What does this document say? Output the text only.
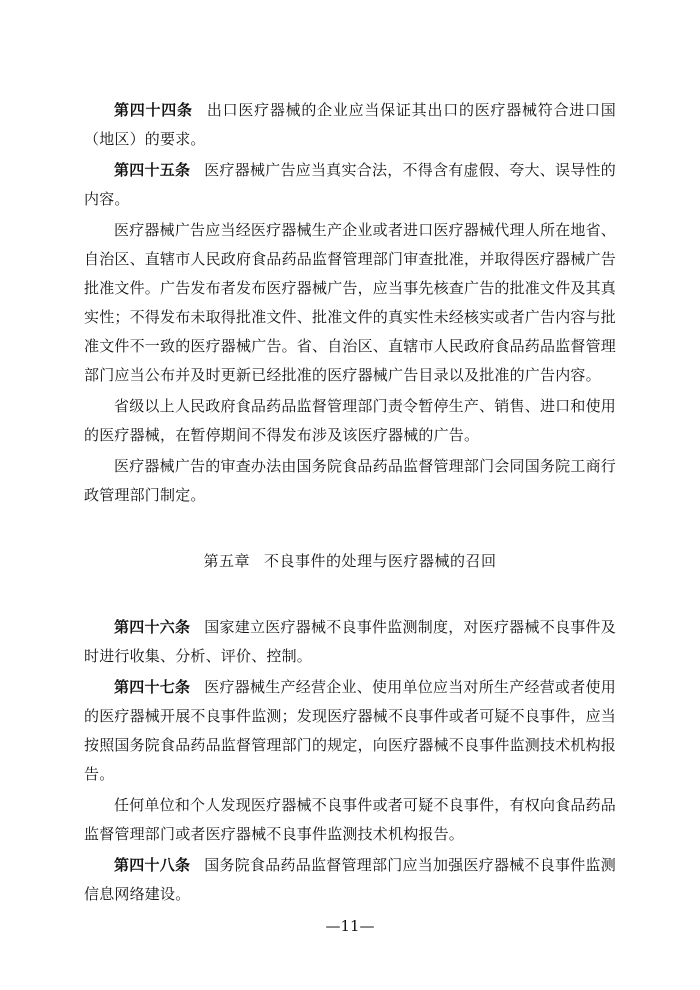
第四十四条 出口医疗器械的企业应当保证其出口的医疗器械符合进口国（地区）的要求。

第四十五条 医疗器械广告应当真实合法，不得含有虚假、夸大、误导性的内容。

医疗器械广告应当经医疗器械生产企业或者进口医疗器械代理人所在地省、自治区、直辖市人民政府食品药品监督管理部门审查批准，并取得医疗器械广告批准文件。广告发布者发布医疗器械广告，应当事先核查广告的批准文件及其真实性；不得发布未取得批准文件、批准文件的真实性未经核实或者广告内容与批准文件不一致的医疗器械广告。省、自治区、直辖市人民政府食品药品监督管理部门应当公布并及时更新已经批准的医疗器械广告目录以及批准的广告内容。

省级以上人民政府食品药品监督管理部门责令暂停生产、销售、进口和使用的医疗器械，在暂停期间不得发布涉及该医疗器械的广告。

医疗器械广告的审查办法由国务院食品药品监督管理部门会同国务院工商行政管理部门制定。

第五章 不良事件的处理与医疗器械的召回

第四十六条 国家建立医疗器械不良事件监测制度，对医疗器械不良事件及时进行收集、分析、评价、控制。

第四十七条 医疗器械生产经营企业、使用单位应当对所生产经营或者使用的医疗器械开展不良事件监测；发现医疗器械不良事件或者可疑不良事件，应当按照国务院食品药品监督管理部门的规定，向医疗器械不良事件监测技术机构报告。

任何单位和个人发现医疗器械不良事件或者可疑不良事件，有权向食品药品监督管理部门或者医疗器械不良事件监测技术机构报告。

第四十八条 国务院食品药品监督管理部门应当加强医疗器械不良事件监测信息网络建设。

—11—
